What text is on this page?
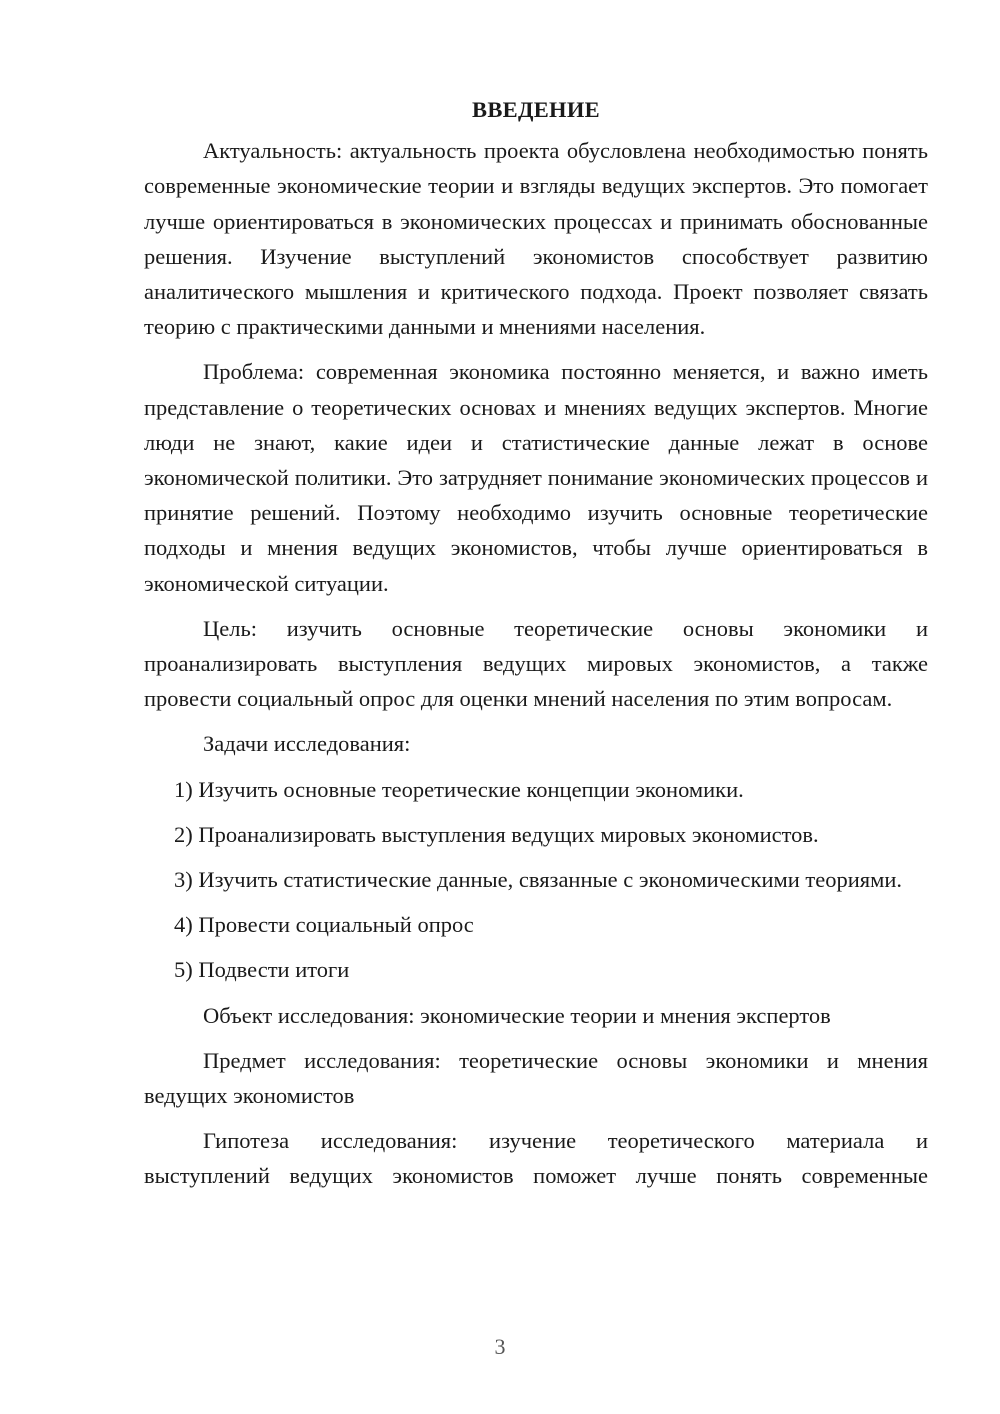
ВВЕДЕНИЕ

Актуальность: актуальность проекта обусловлена необходимостью понять современные экономические теории и взгляды ведущих экспертов. Это помогает лучше ориентироваться в экономических процессах и принимать обоснованные решения. Изучение выступлений экономистов способствует развитию аналитического мышления и критического подхода. Проект позволяет связать теорию с практическими данными и мнениями населения.

Проблема: современная экономика постоянно меняется, и важно иметь представление о теоретических основах и мнениях ведущих экспертов. Многие люди не знают, какие идеи и статистические данные лежат в основе экономической политики. Это затрудняет понимание экономических процессов и принятие решений. Поэтому необходимо изучить основные теоретические подходы и мнения ведущих экономистов, чтобы лучше ориентироваться в экономической ситуации.

Цель: изучить основные теоретические основы экономики и проанализировать выступления ведущих мировых экономистов, а также провести социальный опрос для оценки мнений населения по этим вопросам.

Задачи исследования:

1) Изучить основные теоретические концепции экономики.

2) Проанализировать выступления ведущих мировых экономистов.

3) Изучить статистические данные, связанные с экономическими теориями.

4) Провести социальный опрос

5) Подвести итоги

Объект исследования: экономические теории и мнения экспертов

Предмет исследования: теоретические основы экономики и мнения ведущих экономистов

Гипотеза исследования: изучение теоретического материала и выступлений ведущих экономистов поможет лучше понять современные

3
